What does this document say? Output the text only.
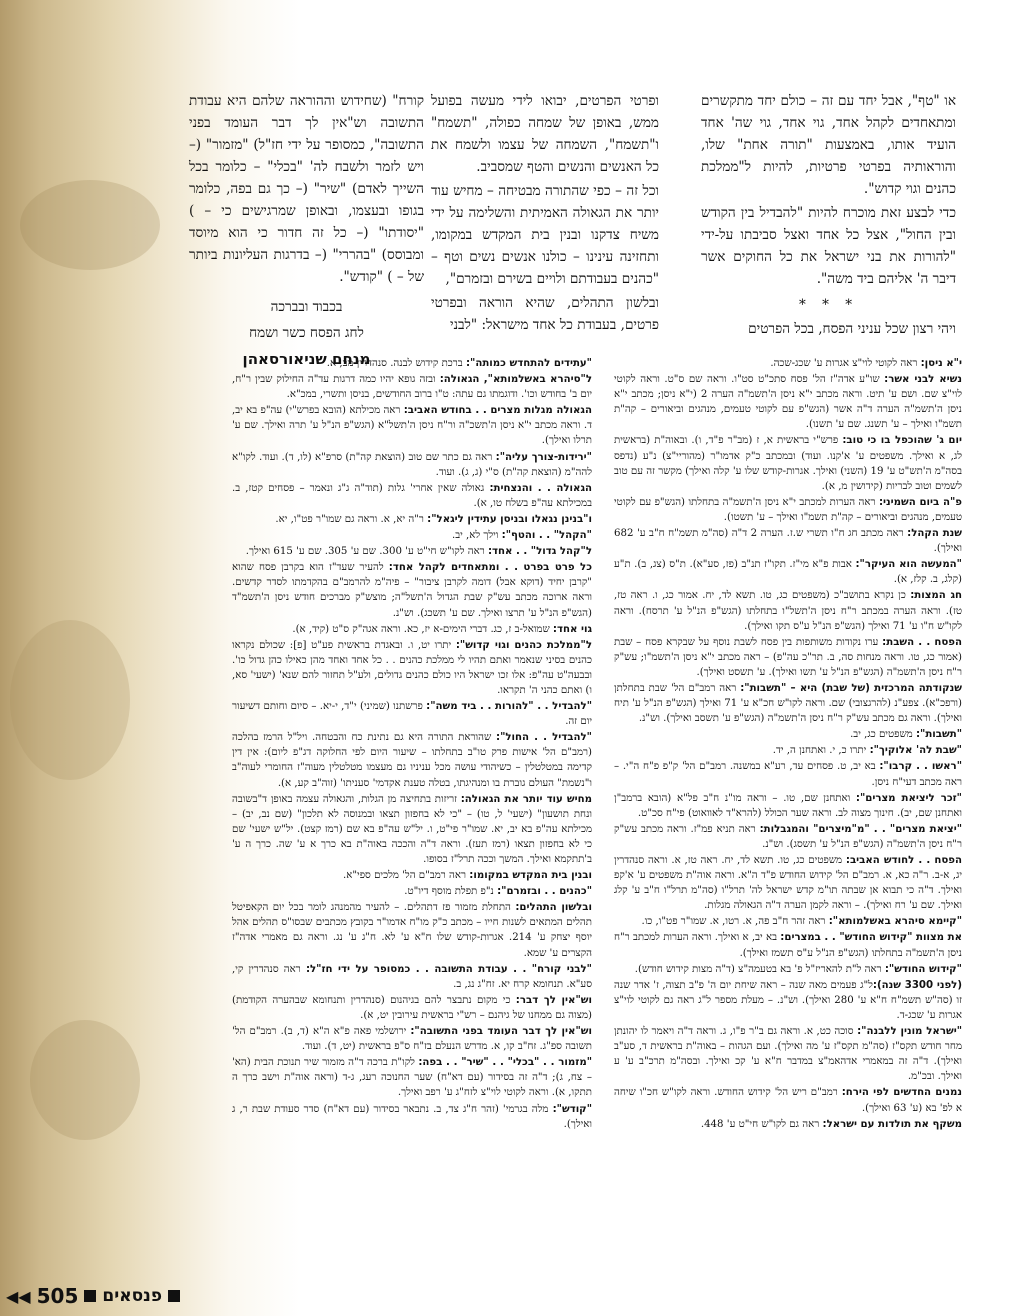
או "טף", אבל יחד עם זה – כולם יחד מתקשרים ומתאחדים לקהל אחד, גוי אחד, גוי שה' אחד הועיד אותו, באמצעות "תורה אחת" שלו, והוראותיה בפרטי פרטיות, להיות ל"ממלכת כהנים וגוי קדוש".

כדי לבצע זאת מוכרח להיות "להבדיל בין הקודש ובין החול", אצל כל אחד ואצל סביבתו על-ידי "להורות את בני ישראל את כל החוקים אשר דיבר ה' אליהם ביד משה".

* * *

ויהי רצון שכל עניני הפסח, בכל הפרטים

ופרטי הפרטים, יבואו לידי מעשה בפועל ממש, באופן של שמחה כפולה, "תשמח" ו"תשמח", השמחה של עצמו ולשמח את כל האנשים והנשים והטף שמסביב.

וכל זה – כפי שהתורה מבטיחה – מחיש עוד יותר את הגאולה האמיתית והשלימה על ידי משיח צדקנו ובנין בית המקדש במקומו, ותחזינה עינינו – כולנו אנשים נשים וטף – "כהנים בעבודתם ולויים בשירם ובזמרם",

ובלשון התהלים, שהיא הוראה ובפרטי פרטים, בעבודת כל אחד מישראל: "לבני

קורח" (שחידוש וההוראה שלהם היא עבודת התשובה וש"אין לך דבר העומד בפני התשובה", כמסופר על ידי חז"ל) "מזמור" (– ויש לזמר ולשבח לה' "בכלי" – כלומר בכל השייך לאדם) "שיר" (– כך גם בפה, כלומר בגופו ובעצמו, ובאופן שמרגישים כי – ) "יסודתו" (– כל זה חדור כי הוא מיוסד ומבוסס) "בהררי" (– בדרגות העליונות ביותר של – ) "קודש".

בכבוד ובברכה

לחג הפסח כשר ושמח

מנחם שניאורסאהן	י"א ניסן: ראה לקוטי לוי"צ אגרות ע' שכג-שכה.

נשיא לבני אשר: שו"ע אדה"ז הל' פסח סתכ"ט סט"ו. וראה שם ס"ט. וראה לקוטי לוי"צ שם. ושם ע' תיט. וראה מכתב י"א ניסן ה'תשמ"ה הערה 2 (י"א ניסן; מכתב י"א ניסן ה'תשמ"ה הערה ד"ה אשר (הגש"פ עם לקוטי טעמים, מנהגים וביאורים – קה"ת תשמ"ו ואילך – ע' תשנג. שם ע' תשנו).

יום ג' שהוכפל בו כי טוב: פרש"י בראשית א, ז (מב"ר פ"ד, ו). ובאוה"ת (בראשית לג, א ואילך. משפטים ע' א'קנו. ועוד) ובמכתב כ"ק אדמו"ר (מהוריי"צ) נ"ע (נדפס בסה"מ ה'תש"ט ע' 19 (השני) ואילך. אגרות-קודש שלו ע' קלה ואילך) מקשר זה עם טוב לשמים וטוב לבריות (קידושין מ, א).

פ"ה ביום השמיני: ראה הערות למכתב י"א ניסן ה'תשמ"ה בתחלתו (הגש"פ עם לקוטי טעמים, מנהגים וביאורים – קה"ת תשמ"ו ואילך – ע' תשטו).

שנת הקהל: ראה מכתב חג ח"ו תשרי ש.ז. הערה 2 ד"ה (סה"מ תשמ"ח ח"ב ע' 682 ואילך).

"המעשה הוא העיקר": אבות פ"א מי"ז. תקו"ז תנ"ב (פז, סע"א). ת"ס (צג, ב). ת"ע (קלג, ב. קלז, א).

חג המצות: כן נקרא בתושב"כ (משפטים כג, טו. תשא לד, יח. אמור כג, ו. ראה טז, טז). וראה הערה במכתב ר"ח ניסן ה'תשל"ו בתחלתו (הגש"פ הנ"ל ע' תרסח). וראה לקו"ש ח"ו ע' 71 ואילך (הגש"פ הנ"ל ע"ס תקו ואילך).

הפסח . . השבת: ערו נקודות משותפות בין פסח לשבת נוסף על שבקרא פסח – שבת (אמור כג, טו. וראה מנחות סה, ב. תר"כ עה"פ) – ראה מכתב י"א ניסן ה'תשמ"ו; עש"ק ר"ח ניסן ה'תשמ"ה (הגש"פ הנ"ל ע' תשו ואילך). ע' תשסט ואילך).

שנקודתה המרכזית (של שבת) היא – "תשבות": ראה רמב"ם הל' שבת בתחלתן (ורפכ"א). צפע"נ (להרגצובי) שם. וראה לקו"ש חכ"א ע' 71 ואילך (הגש"פ הנ"ל ע' תיח ואילך). וראה גם מכתב עש"ק ר"ח ניסן ה'תשמ"ה (הגש"פ ע' תשסב ואילך). וש"נ.

"תשבות": משפטים כג, יב.

"שבת לה' אלוקיך": יתרו כ, י. ואתחנן ה, יד.

"ראשו . . קרבו": בא יב, ט. פסחים עד, רע"א במשנה. רמב"ם הל' ק"פ פ"ח ה"י. – ראה מכתב דעי"ח ניסן.

"זכר ליציאת מצרים": ואתחנן שם, טו. – וראה מו"נ ח"ב פל"א (הובא ברמב"ן ואתחנן שם, יב). חינוך מצוה לב. וראה שער הכולל (להרא"ד לאוואוט) פי"ח סכ"ט.

"יציאת מצרים" . . "מ"מיצרים" והמגבלות: ראה תניא פמ"ז. וראה מכתב עש"ק ר"ח ניסן ה'תשמ"ה (הגש"פ הנ"ל ע' תשסג). וש"נ.

הפסח . . לחודש האביב: משפטים כג, טו. תשא לד, יח. ראה טז, א. וראה סנהדרין יג, א-ב. ר"ה כא, א. רמב"ם הל' קידוש החודש פ"ד ה"א. וראה אוה"ת משפטים ע' א'קפ ואילך. ד"ה כי תבוא אן שבתה תו"מ קדש ישראל לה' תרל"ו (סה"מ תרל"ו ח"ב ע' קלג ואילך. שם ע' רח ואילך). – וראה לקמן הערה ד"ה הגאולה מגלות.

"קיימא סיהרא באשלמותא": ראה זהר ח"ב פה, א. רטו, א. שמו"ר פט"ו, כו.

את מצוות "קידוש החודש" . . במצרים: בא יב, א ואילך. וראה הערות למכתב ר"ח ניסן ה'תשמ"ה בתחלתו (הגש"פ הנ"ל ע"ס תשמז ואילך).

"קידוש החודש": ראה ל"ת להאריז"ל פ' בא בטעמה"צ (ד"ה מצות קידוש חודש).

(לפני 3300 שנה):ל"ג פעמים מאה שנה – ראה שיחת יום ה' פ"ב תצוה, ז' אדר שנה זו (סה"ש תשמ"ח ח"א ע' 280 ואילך). וש"נ. – מעלת מספר ל"ג ראה גם לקוטי לוי"צ אגרות ע' שכג-ד.

"ישראל מונין ללבנה": סוכה כט, א. וראה גם ב"ר פ"ו, ג. וראה ד"ה ויאמר לו יהונתן מחר חודש תקס"ז (סה"מ תקס"ז ע' מה ואילך). ועם הגהות – באוה"ת בראשית ד, סע"ב ואילך). ד"ה זה במאמרי אדהאמ"צ במדבר ח"א ע' קכ ואילך. ובסה"מ תרכ"ב ע' ע ואילך. ובכ"מ.

נמנים החדשים לפי הירח: רמב"ם ריש הל' קידוש החודש. וראה לקו"ש חכ"ו שיחה א לפ' בא (ע' 63 ואילך).

משקף את תולדות עם ישראל: ראה גם לקו"ש חי"ט ע' 448.

"עתידים להתחדש כמותה": ברכת קידוש לבנה. סנהדרין מב, א.

ל"סיהרא באשלמותא", הגאולה: ובזה גופא יהיו כמה דרגות עד"ה החילוק שבין ר"ח, יום ב' בחודש וכו'. ודוגמתו גם עתה: ט"ו ברוב החודשים, בניסן ותשרי, במכ"א.

הגאולה מגלות מצרים . . בחודש האביב: ראה מכילתא (הובא בפרש"י) עה"פ בא יב, ד. וראה מכתב י"א ניסן ה'תשכ"ה ור"ח ניסן ה'תשל"א (הגש"פ הנ"ל ע' תרה ואילך. שם ע' תרלו ואילך).

"ירידות-צורך עליה": ראה גם כתר שם טוב (הוצאת קה"ת) סרפ"א (לו, ד). ועוד. לקו"א להה"מ (הוצאת קה"ת) ס"י (ג, ג). ועוד.

הגאולה . . והנצחית: גאולה שאין אחרי' גלות (תוד"ה ג"ג ונאמר – פסחים קטז, ב. במכילתא עה"פ בשלח טו, א).

ו"בנינן נגאלו ובניסן עתידין ליגאל": ר"ה יא, א. וראה גם שמו"ר פט"ו, יא.

"הקהל" . . והטף": וילך לא, יב.

ל"קהל גדול" . . אחד: ראה לקו"ש חי"ט ע' 300. שם ע' 305. שם ע' 615 ואילך.

כל פרט בפרט . . ומתאחדים לקהל אחד: להעיר שעד"ז הוא בקרבן פסח שהוא "קרבן יחיד (דוקא אבל) דומה לקרבן ציבור" – פיה"מ להרמב"ם בהקדמתו לסדר קדשים. וראה ארוכה מכתב עש"ק שבת הגדול ה'תשל"ה; מוצש"ק מברכים חודש ניסן ה'תשמ"ד (הגש"פ הנ"ל ע' תרצו ואילך. שם ע' תשכג). וש"נ.

גוי אחד: שמואל-ב ז, כג. דברי הימים-א יז, כא. וראה אגה"ק ס"ט (קיד, א).

ל"ממלכת כהנים וגוי קדוש": יתרו יט, ו. ובאגדת בראשית פע"ט [פ]: שכולם נקראו כהנים בסיני שנאמר ואתם תהיו לי ממלכת כהנים . . כל אחד ואחד מהן כאילו כהן גדול כו'. ובבעה"ט עה"פ: אלו זכו ישראל היו כולם כהנים גדולים, ולע"ל תחזור להם שנא' (ישעי' סא, ו) ואתם כהני ה' תקראו.

"להבדיל . . "להורות . . ביד משה": פרשתנו (שמיני) י"ד, י-יא. – סיום וחותם דשיעור יום זה.

"להבדיל . . החול": שהוראת התורה היא גם נתינת כח והבטחה. ויל"ל הרמז בהלכה (רמב"ם הל' אישות פרק טו"ב בתחלתו – שיעור היום לפי החלוקה דג"פ ליום): אין דין קדימה במטלטלין – כשיהודי עושה מכל עניניו גם מעצמו מטלטלין מעוה"ז החומרי לעוה"ב ו"נשמת" העולם גוברת בו ומנהיגתו, בטלה טענת אקדמי' סעניתו' (זוה"ב קע, א).

מחיש עוד יותר את הגאולה: זריזות בתחיצה מן הגלות, והגאולה עצמה באופן ד"בשובה ונחת תושעון" (ישעי' ל, טו) – "כי לא בחפזון תצאו ובמנוסה לא תלכון" (שם נב, יב) – מכילתא עה"פ בא יב, יא. שמו"ר פי"ט, ו. יל"ש עה"פ בא שם (רמז קצט). יל"ש ישעי' שם כי לא בחפזון תצאו (רמז תעז). וראה ד"ה והככה באוה"ת בא כרך א ע' שה. כרך ה ע' ב'תתקמא ואילך. המשך וככה תרל"ז בסופו.

ובנין בית המקדש במקומו: ראה רמב"ם הל' מלכים ספי"א.

"כהנים . . ובזמרם": נ"פ תפלת מוסף דיו"ט.

ובלשון התהלים: התחלת מזמור פז דתהלים. – להעיר מהמנהג לומר בכל יום הקאפיטל תהלים המתאים לשנות חייו – מכתב כ"ק מו"ח אדמו"ר בקובץ מכתבים שבסו"ס תהלים אהל יוסף יצחק ע' 214. אגרות-קודש שלו ח"א ע' לא. ח"ג ע' נג. וראה גם מאמרי אדה"ז הקצרים ע' שמא.

"לבני קורח" . . עבודת התשובה . . כמסופר על ידי חז"ל: ראה סנהדרין קי, סע"א. תנחומא קרח יא. זח"ג נג, ב.

וש"אין לך דבר: כי מקום נתבצר להם בגיהנום (סנהדרין ותנחומא שבהערה הקודמת) (מצוה גם ממחנו של גיהנם – רש"י בראשית עירובין יט, א).

וש"אין לך דבר העומד בפני התשובה": ירושלמי פאה פ"א ה"א (ד, ב). רמב"ם הל' תשובה ספ"ג. זח"ב קו, א. מדרש הנעלם בז"ח ס"פ בראשית (יט, ד). ועוד.

"מזמור . . "בכלי" . . "שיר" . . בפה: לקו"ת ברכה ד"ה מזמור שיר תנוכת הבית (הא' – צח, ג); ד"ה זה בסידור (עם דא"ח) שער החנוכה רעג, ג-ד (וראה אוה"ת וישב כרך ה תתקו, א). וראה לקוטי לוי"צ לזח"ג ע' רפב ואילך.

"קודש": מלה בגרמי' (זהר ח"ג צד, ב. נתבאר בסידור (עם דא"ח) סדר סעודת שבת ר, ג ואילך).

◀◀ 505 פנסאים
